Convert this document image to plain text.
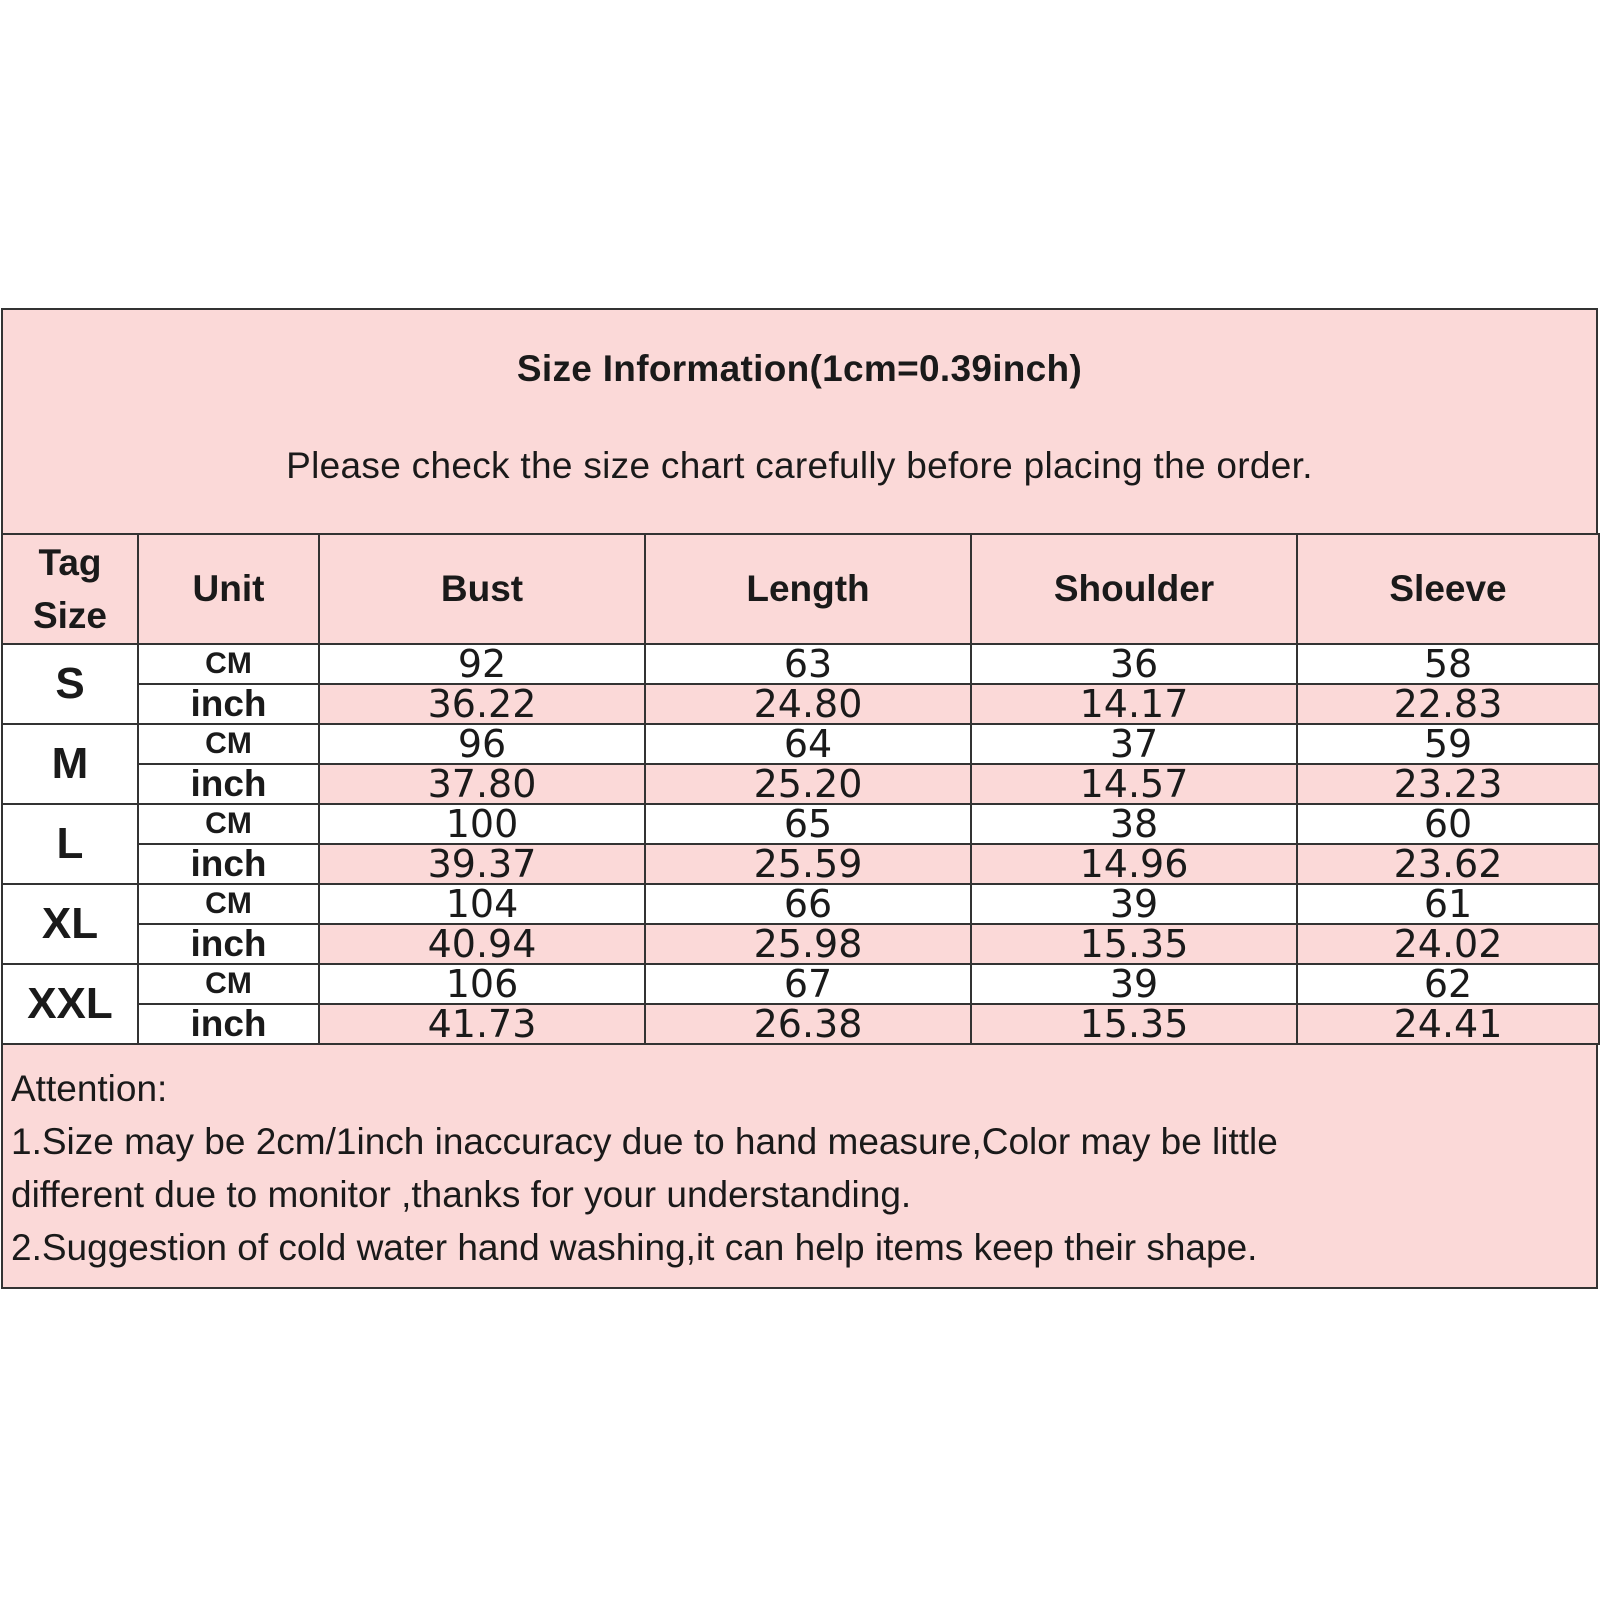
Size Information(1cm=0.39inch)
Please check the size chart carefully before placing the order.
Tag
Size	Unit	Bust	Length	Shoulder	Sleeve
S	CM	92	63	36	58
	inch	36.22	24.80	14.17	22.83
M	CM	96	64	37	59
	inch	37.80	25.20	14.57	23.23
L	CM	100	65	38	60
	inch	39.37	25.59	14.96	23.62
XL	CM	104	66	39	61
	inch	40.94	25.98	15.35	24.02
XXL	CM	106	67	39	62
	inch	41.73	26.38	15.35	24.41

Attention:

1.Size may be 2cm/1inch inaccuracy due to hand measure,Color may be little

different due to monitor ,thanks for your understanding.

2.Suggestion of cold water hand washing,it can help items keep their shape.
